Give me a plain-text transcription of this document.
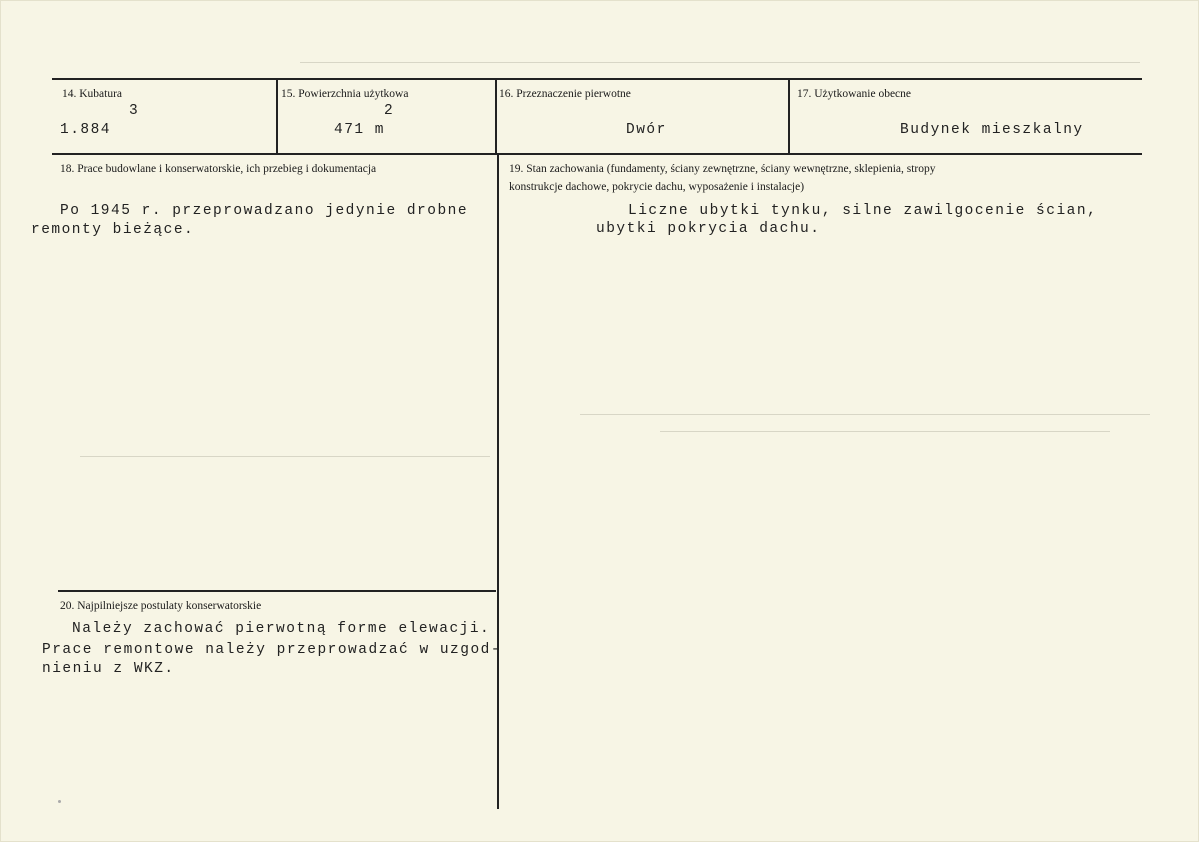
14. Kubatura
3
1.884
15. Powierzchnia użytkowa
2
471 m
16. Przeznaczenie pierwotne
Dwór
17. Użytkowanie obecne
Budynek mieszkalny
18. Prace budowlane i konserwatorskie, ich przebieg i dokumentacja
Po 1945 r. przeprowadzano jedynie drobne
remonty bieżące.
19. Stan zachowania (fundamenty, ściany zewnętrzne, ściany wewnętrzne, sklepienia, stropy
konstrukcje dachowe, pokrycie dachu, wyposażenie i instalacje)
Liczne ubytki tynku, silne zawilgocenie ścian,
ubytki pokrycia dachu.
20. Najpilniejsze postulaty konserwatorskie
Należy zachować pierwotną forme elewacji.
Prace remontowe należy przeprowadzać w uzgod-
nieniu z WKZ.
